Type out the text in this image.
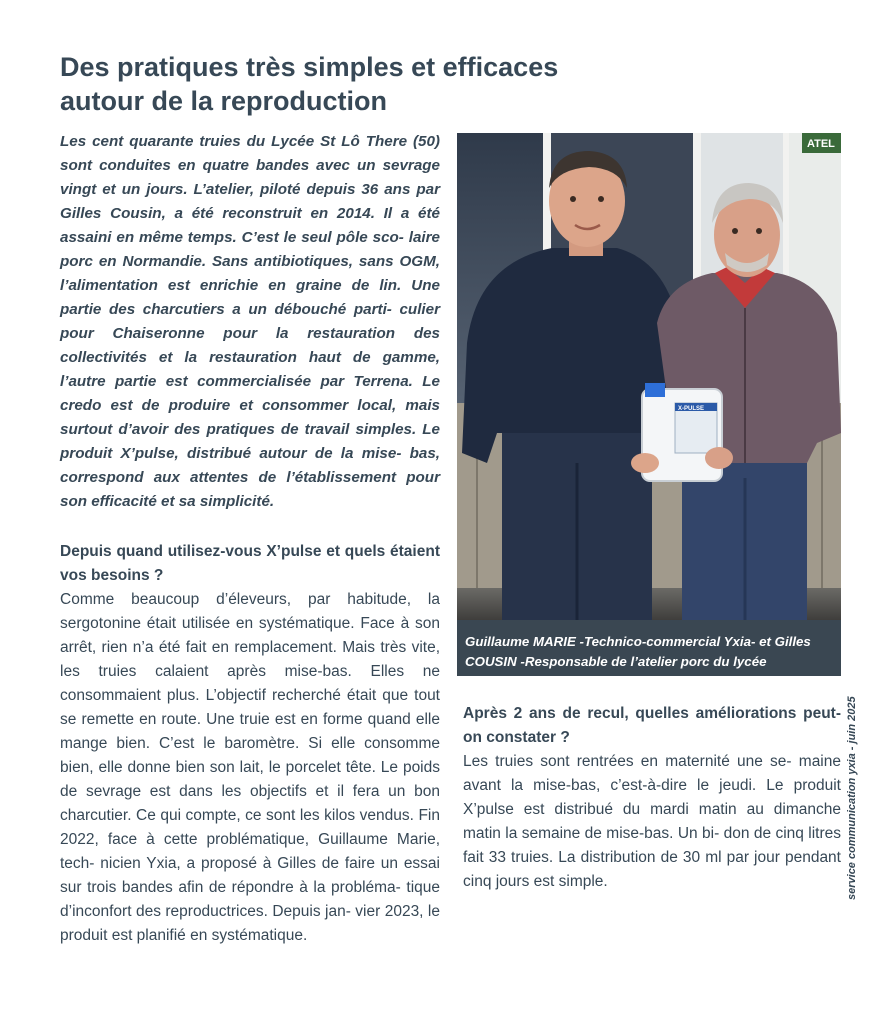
Des pratiques très simples et efficaces autour de la reproduction

Les cent quarante truies du Lycée St Lô There (50) sont conduites en quatre bandes avec un sevrage vingt et un jours. L’atelier, piloté depuis 36 ans par Gilles Cousin, a été reconstruit en 2014. Il a été assaini en même temps. C’est le seul pôle sco- laire porc en Normandie. Sans antibiotiques, sans OGM, l’alimentation est enrichie en graine de lin. Une partie des charcutiers a un débouché parti- culier pour Chaiseronne pour la restauration des collectivités et la restauration haut de gamme, l’autre partie est commercialisée par Terrena. Le credo est de produire et consommer local, mais surtout d’avoir des pratiques de travail simples. Le produit X’pulse, distribué autour de la mise- bas, correspond aux attentes de l’établissement pour son efficacité et sa simplicité.

Depuis quand utilisez-vous X’pulse et quels étaient vos besoins ?

Comme beaucoup d’éleveurs, par habitude, la sergotonine était utilisée en systématique. Face à son arrêt, rien n’a été fait en remplacement. Mais très vite, les truies calaient après mise-bas. Elles ne consommaient plus. L’objectif recherché était que tout se remette en route. Une truie est en forme quand elle mange bien. C’est le baromètre. Si elle consomme bien, elle donne bien son lait, le porcelet tête. Le poids de sevrage est dans les objectifs et il fera un bon charcutier. Ce qui compte, ce sont les kilos vendus. Fin 2022, face à cette problématique, Guillaume Marie, tech- nicien Yxia, a proposé à Gilles de faire un essai sur trois bandes afin de répondre à la probléma- tique d’inconfort des reproductrices. Depuis jan- vier 2023, le produit est planifié en systématique.

ATEL
X-PULSE
Guillaume MARIE -Technico-commercial Yxia- et Gilles COUSIN -Responsable de l’atelier porc du lycée

Après 2 ans de recul, quelles améliorations peut-on constater ?

Les truies sont rentrées en maternité une se- maine avant la mise-bas, c’est-à-dire le jeudi. Le produit X’pulse est distribué du mardi matin au dimanche matin la semaine de mise-bas. Un bi- don de cinq litres fait 33 truies. La distribution de 30 ml par jour pendant cinq jours est simple.	service communication yxia - juin 2025
